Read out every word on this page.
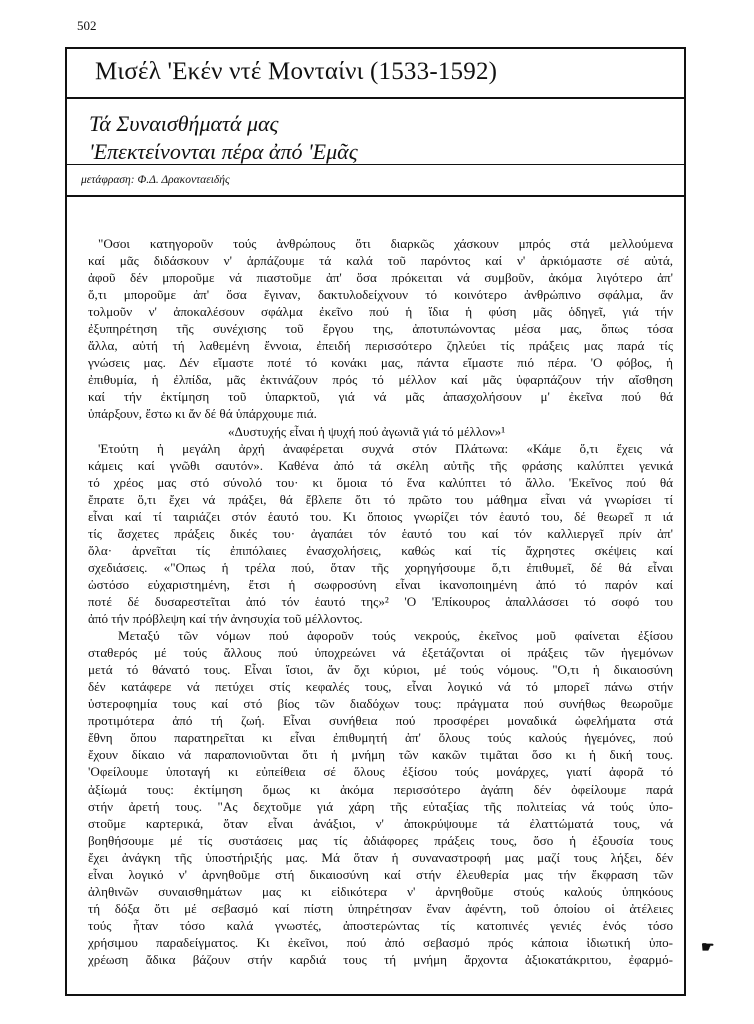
502
Μισέλ 'Εκέν ντέ Μονταίνι (1533-1592)
Τά Συναισθήματά μας
'Επεκτείνονται πέρα ἀπό 'Εμᾶς
μετάφραση: Φ.Δ. Δρακονταειδής
"Οσοι κατηγοροῦν τούς ἀνθρώπους ὅτι διαρκῶς χάσκουν μπρός στά μελλούμενα
καί μᾶς διδάσκουν ν' ἁρπάζουμε τά καλά τοῦ παρόντος καί ν' ἀρκιόμαστε σέ αὐτά,
ἀφοῦ δέν μποροῦμε νά πιαστοῦμε ἀπ' ὅσα πρόκειται νά συμβοῦν, ἀκόμα λιγότερο ἀπ'
ὅ,τι μποροῦμε ἀπ' ὅσα ἔγιναν, δακτυλοδείχνουν τό κοινότερο ἀνθρώπινο σφάλμα, ἄν
τολμοῦν ν' ἀποκαλέσουν σφάλμα ἐκεῖνο πού ἡ ἴδια ἡ φύση μᾶς ὁδηγεῖ, γιά τήν
ἐξυπηρέτηση τῆς συνέχισης τοῦ ἔργου της, ἀποτυπώνοντας μέσα μας, ὅπως τόσα
ἄλλα, αὐτή τή λαθεμένη ἔννοια, ἐπειδή περισσότερο ζηλεύει τίς πράξεις μας παρά τίς
γνώσεις μας. Δέν εἴμαστε ποτέ τό κονάκι μας, πάντα εἴμαστε πιό πέρα. 'Ο φόβος, ἡ
ἐπιθυμία, ἡ ἐλπίδα, μᾶς ἐκτινάζουν πρός τό μέλλον καί μᾶς ὑφαρπάζουν τήν αἴσθηση
καί τήν ἐκτίμηση τοῦ ὑπαρκτοῦ, γιά νά μᾶς ἀπασχολήσουν μ' ἐκεῖνα πού θά
ὑπάρξουν, ἔστω κι ἄν δέ θά ὑπάρχουμε πιά.
«Δυστυχής εἶναι ἡ ψυχή πού ἀγωνιᾶ γιά τό μέλλον»¹
'Ετούτη ἡ μεγάλη ἀρχή ἀναφέρεται συχνά στόν Πλάτωνα: «Κάμε ὅ,τι ἔχεις νά
κάμεις καί γνῶθι σαυτόν». Καθένα ἀπό τά σκέλη αὐτῆς τῆς φράσης καλύπτει γενικά
τό χρέος μας στό σύνολό του· κι ὅμοια τό ἕνα καλύπτει τό ἄλλο. 'Εκεῖνος πού θά
ἔπρατε ὅ,τι ἔχει νά πράξει, θά ἔβλεπε ὅτι τό πρῶτο του μάθημα εἶναι νά γνωρίσει τί
εἶναι καί τί ταιριάζει στόν ἑαυτό του. Κι ὅποιος γνωρίζει τόν ἑαυτό του, δέ θεωρεῖ π ιά
τίς ἄσχετες πράξεις δικές του· ἀγαπάει τόν ἑαυτό του καί τόν καλλιεργεῖ πρίν ἀπ'
ὅλα· ἀρνεῖται τίς ἐπιπόλαιες ἐνασχολήσεις, καθώς καί τίς ἄχρηστες σκέψεις καί
σχεδιάσεις. «"Οπως ἡ τρέλα πού, ὅταν τῆς χορηγήσουμε ὅ,τι ἐπιθυμεῖ, δέ θά εἶναι
ὡστόσο εὐχαριστημένη, ἔτσι ἡ σωφροσύνη εἶναι ἱκανοποιημένη ἀπό τό παρόν καί
ποτέ δέ δυσαρεστεῖται ἀπό τόν ἑαυτό της»² 'Ο 'Επίκουρος ἀπαλλάσσει τό σοφό του
ἀπό τήν πρόβλεψη καί τήν ἀνησυχία τοῦ μέλλοντος.
Μεταξύ τῶν νόμων πού ἀφοροῦν τούς νεκρούς, ἐκεῖνος μοῦ φαίνεται ἐξίσου
σταθερός μέ τούς ἄλλους πού ὑποχρεώνει νά ἐξετάζονται οἱ πράξεις τῶν ἡγεμόνων
μετά τό θάνατό τους. Εἶναι ἴσιοι, ἄν ὄχι κύριοι, μέ τούς νόμους. "Ο,τι ἡ δικαιοσύνη
δέν κατάφερε νά πετύχει στίς κεφαλές τους, εἶναι λογικό νά τό μπορεῖ πάνω στήν
ὑστεροφημία τους καί στό βίος τῶν διαδόχων τους: πράγματα πού συνήθως θεωροῦμε
προτιμότερα ἀπό τή ζωή. Εἶναι συνήθεια πού προσφέρει μοναδικά ὠφελήματα στά
ἔθνη ὅπου παρατηρεῖται κι εἶναι ἐπιθυμητή ἀπ' ὅλους τούς καλούς ἡγεμόνες, πού
ἔχουν δίκαιο νά παραπονιοῦνται ὅτι ἡ μνήμη τῶν κακῶν τιμᾶται ὅσο κι ἡ δική τους.
'Οφείλουμε ὑποταγή κι εὐπείθεια σέ ὅλους ἐξίσου τούς μονάρχες, γιατί ἀφορᾶ τό
ἀξίωμά τους: ἐκτίμηση ὅμως κι ἀκόμα περισσότερο ἀγάπη δέν ὀφείλουμε παρά
στήν ἀρετή τους. "Ας δεχτοῦμε γιά χάρη τῆς εὐταξίας τῆς πολιτείας νά τούς ὑπο-
στοῦμε καρτερικά, ὅταν εἶναι ἀνάξιοι, ν' ἀποκρύψουμε τά ἐλαττώματά τους, νά
βοηθήσουμε μέ τίς συστάσεις μας τίς ἀδιάφορες πράξεις τους, ὅσο ἡ ἐξουσία τους
ἔχει ἀνάγκη τῆς ὑποστήριξής μας. Μά ὅταν ἡ συναναστροφή μας μαζί τους λήξει, δέν
εἶναι λογικό ν' ἀρνηθοῦμε στή δικαιοσύνη καί στήν ἐλευθερία μας τήν ἔκφραση τῶν
ἀληθινῶν συναισθημάτων μας κι εἰδικότερα ν' ἀρνηθοῦμε στούς καλούς ὑπηκόους
τή δόξα ὅτι μέ σεβασμό καί πίστη ὑπηρέτησαν ἕναν ἀφέντη, τοῦ ὁποίου οἱ ἀτέλειες
τούς ἦταν τόσο καλά γνωστές, ἀποστερώντας τίς κατοπινές γενιές ἑνός τόσο
χρήσιμου παραδείγματος. Κι ἐκεῖνοι, πού ἀπό σεβασμό πρός κάποια ἰδιωτική ὑπο-
χρέωση ἄδικα βάζουν στήν καρδιά τους τή μνήμη ἄρχοντα ἀξιοκατάκριτου, ἐφαρμό-
☛
